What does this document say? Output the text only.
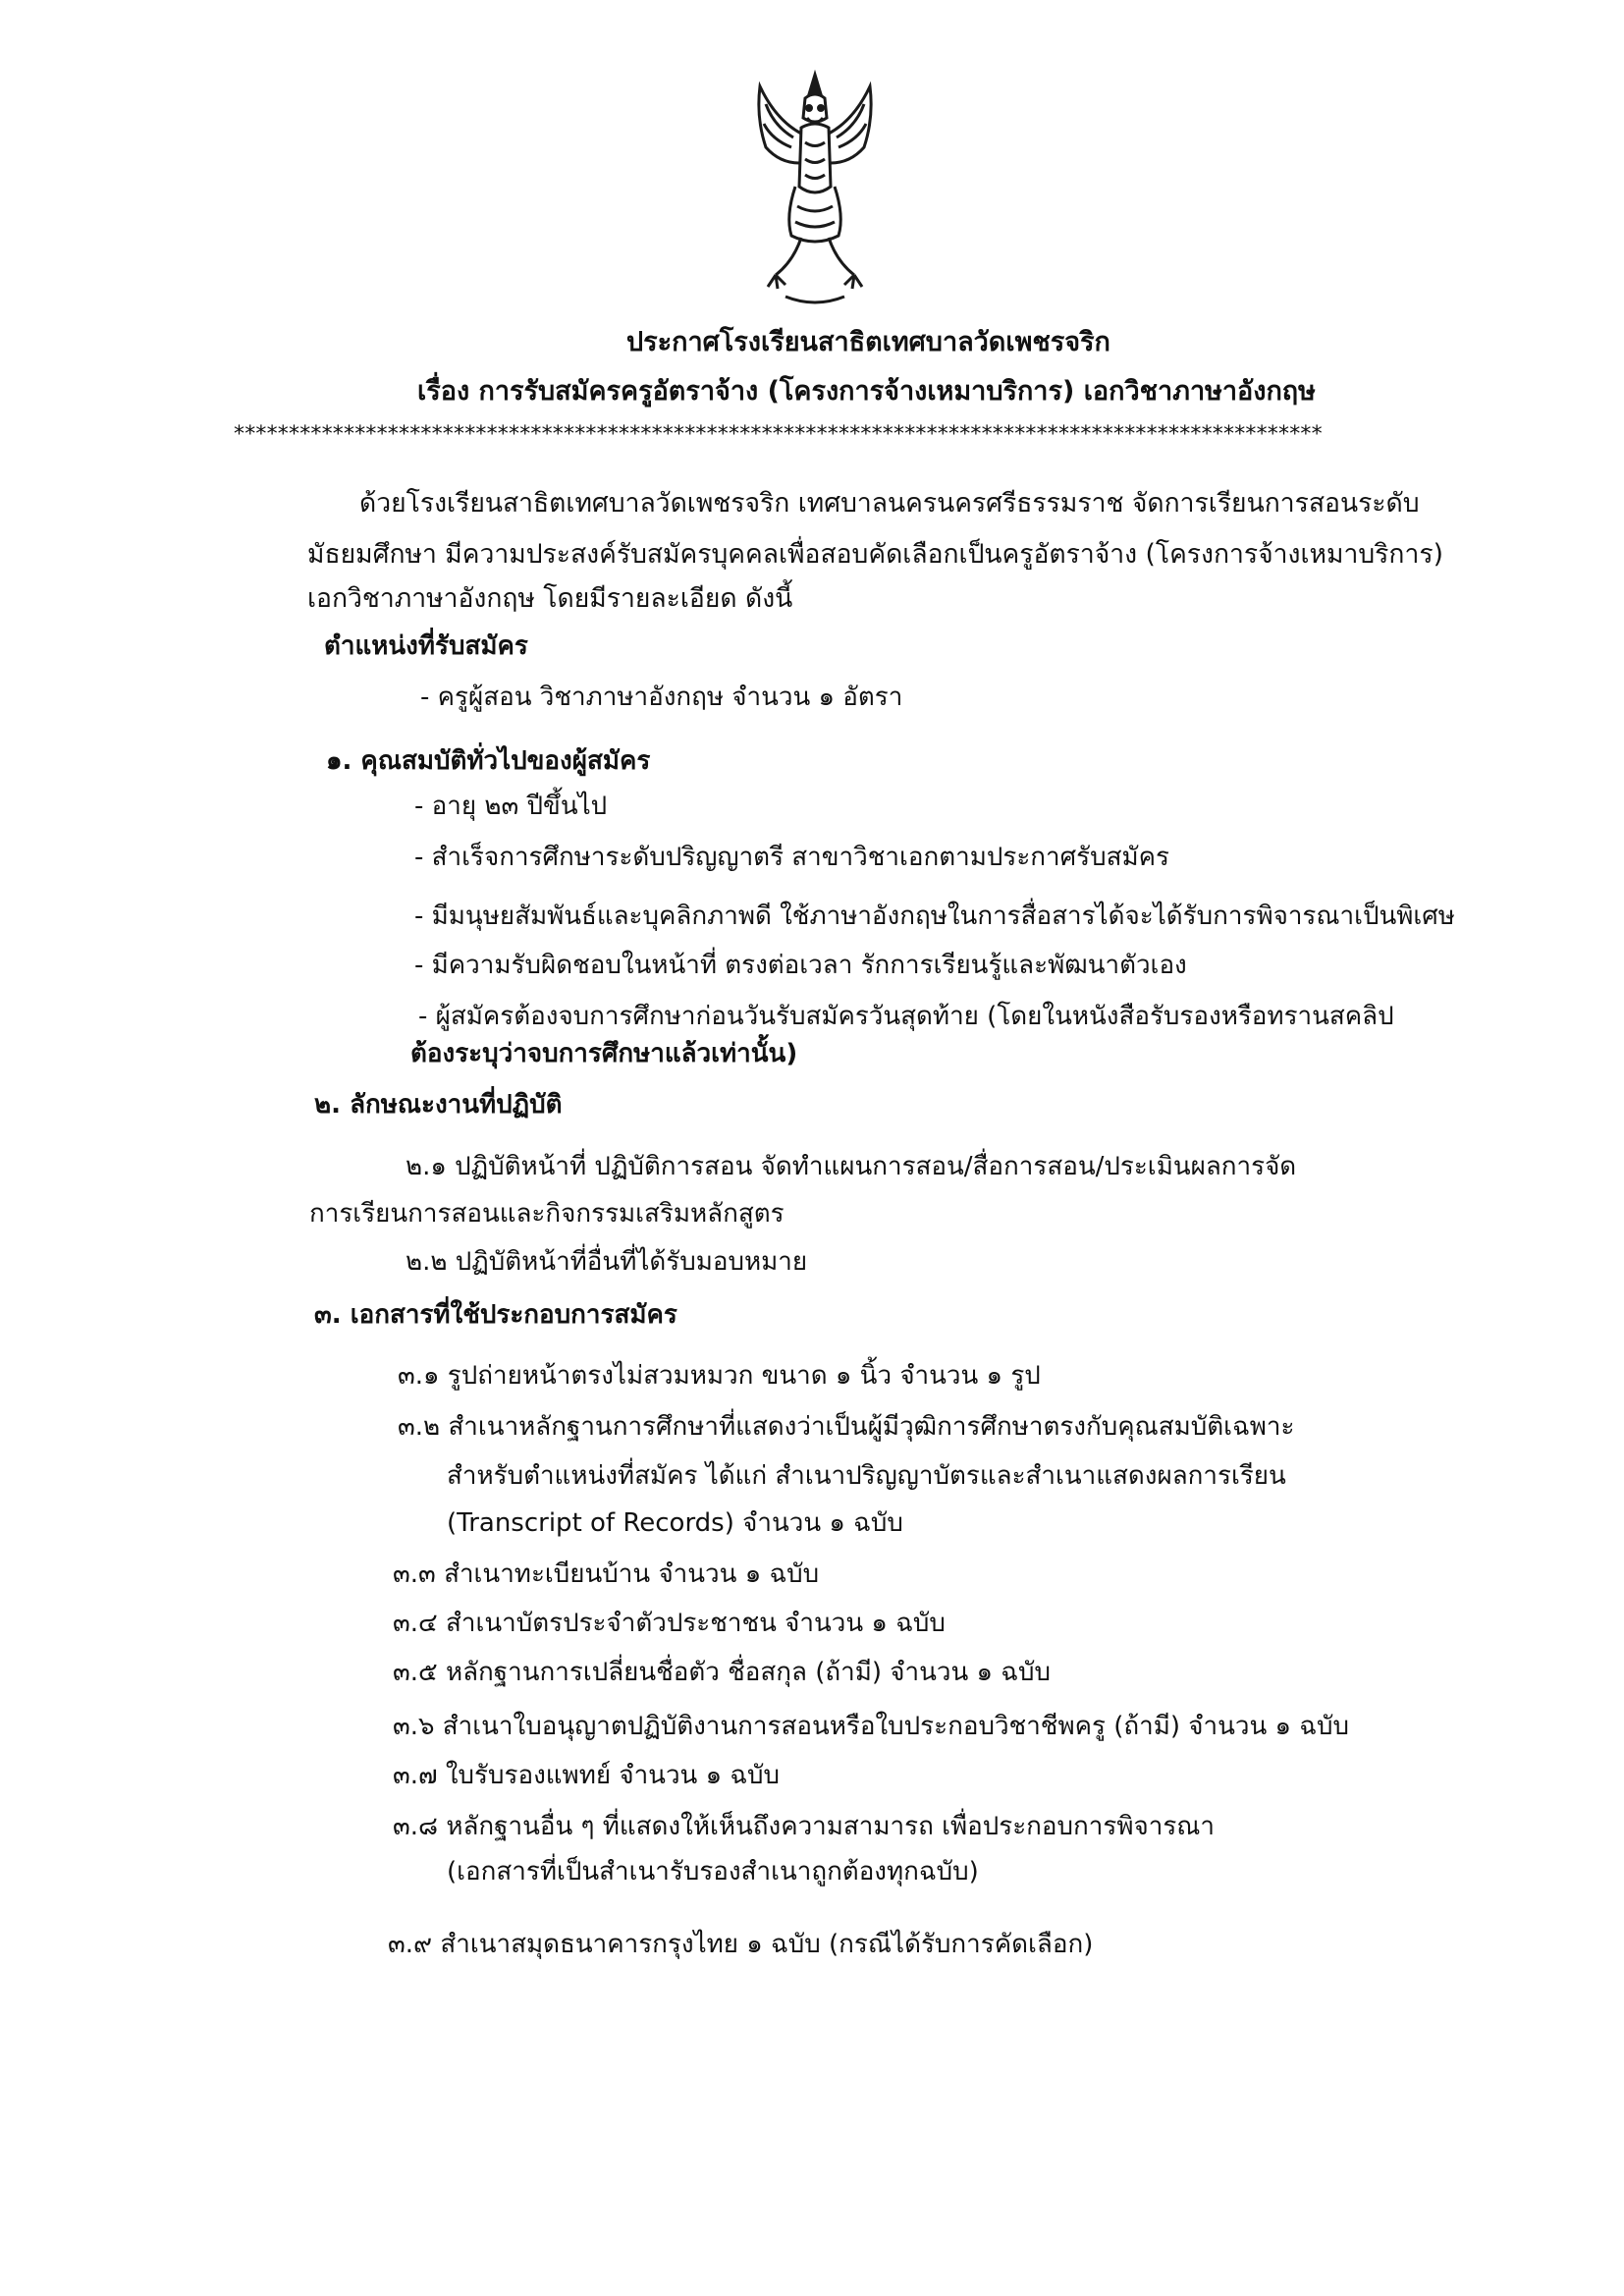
ประกาศโรงเรียนสาธิตเทศบาลวัดเพชรจริก
เรื่อง การรับสมัครครูอัตราจ้าง (โครงการจ้างเหมาบริการ) เอกวิชาภาษาอังกฤษ
***************************************************************************************************
ด้วยโรงเรียนสาธิตเทศบาลวัดเพชรจริก เทศบาลนครนครศรีธรรมราช จัดการเรียนการสอนระดับ
มัธยมศึกษา มีความประสงค์รับสมัครบุคคลเพื่อสอบคัดเลือกเป็นครูอัตราจ้าง (โครงการจ้างเหมาบริการ)
เอกวิชาภาษาอังกฤษ โดยมีรายละเอียด ดังนี้
ตำแหน่งที่รับสมัคร
- ครูผู้สอน วิชาภาษาอังกฤษ จำนวน ๑ อัตรา
๑. คุณสมบัติทั่วไปของผู้สมัคร
- อายุ ๒๓ ปีขึ้นไป
- สำเร็จการศึกษาระดับปริญญาตรี สาขาวิชาเอกตามประกาศรับสมัคร
- มีมนุษยสัมพันธ์และบุคลิกภาพดี ใช้ภาษาอังกฤษในการสื่อสารได้จะได้รับการพิจารณาเป็นพิเศษ
- มีความรับผิดชอบในหน้าที่ ตรงต่อเวลา รักการเรียนรู้และพัฒนาตัวเอง
- ผู้สมัครต้องจบการศึกษาก่อนวันรับสมัครวันสุดท้าย (โดยในหนังสือรับรองหรือทรานสคลิป
ต้องระบุว่าจบการศึกษาแล้วเท่านั้น)
๒. ลักษณะงานที่ปฏิบัติ
๒.๑ ปฏิบัติหน้าที่ ปฏิบัติการสอน จัดทำแผนการสอน/สื่อการสอน/ประเมินผลการจัด
การเรียนการสอนและกิจกรรมเสริมหลักสูตร
๒.๒ ปฏิบัติหน้าที่อื่นที่ได้รับมอบหมาย
๓. เอกสารที่ใช้ประกอบการสมัคร
๓.๑ รูปถ่ายหน้าตรงไม่สวมหมวก ขนาด ๑ นิ้ว จำนวน ๑ รูป
๓.๒ สำเนาหลักฐานการศึกษาที่แสดงว่าเป็นผู้มีวุฒิการศึกษาตรงกับคุณสมบัติเฉพาะ
สำหรับตำแหน่งที่สมัคร ได้แก่ สำเนาปริญญาบัตรและสำเนาแสดงผลการเรียน
(Transcript of Records) จำนวน ๑ ฉบับ
๓.๓ สำเนาทะเบียนบ้าน จำนวน ๑ ฉบับ
๓.๔ สำเนาบัตรประจำตัวประชาชน จำนวน ๑ ฉบับ
๓.๕ หลักฐานการเปลี่ยนชื่อตัว ชื่อสกุล (ถ้ามี) จำนวน ๑ ฉบับ
๓.๖ สำเนาใบอนุญาตปฏิบัติงานการสอนหรือใบประกอบวิชาชีพครู (ถ้ามี) จำนวน ๑ ฉบับ
๓.๗ ใบรับรองแพทย์ จำนวน ๑ ฉบับ
๓.๘ หลักฐานอื่น ๆ ที่แสดงให้เห็นถึงความสามารถ เพื่อประกอบการพิจารณา
(เอกสารที่เป็นสำเนารับรองสำเนาถูกต้องทุกฉบับ)
๓.๙ สำเนาสมุดธนาคารกรุงไทย ๑ ฉบับ (กรณีได้รับการคัดเลือก)
